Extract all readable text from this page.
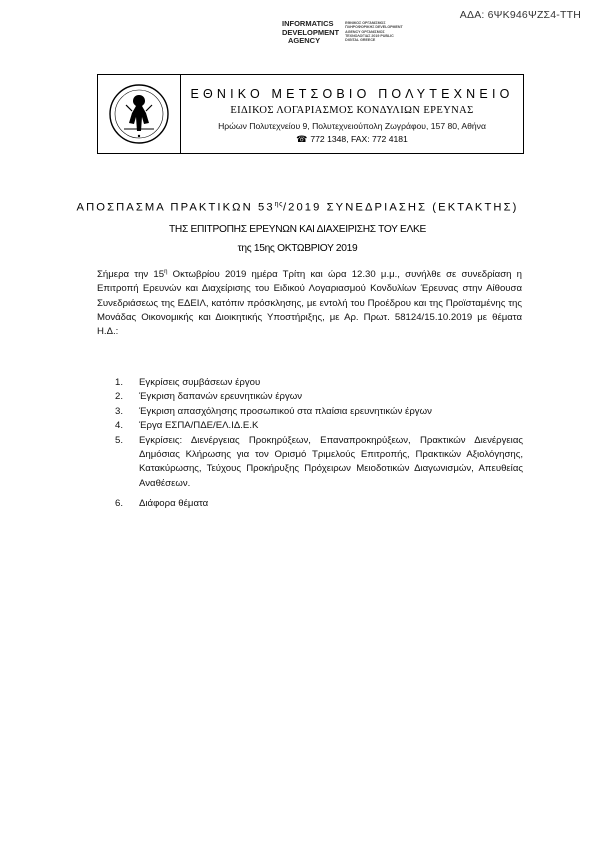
ΑΔΑ: 6ΨΚ946ΨΖΣ4-ΤΤΗ
INFORMATICS
DEVELOPMENT
AGENCY
ΕΘΝΙΚΟΣ ΟΡΓΑΝΙΣΜΟΣ ΠΛΗΡΟΦΟΡΙΚΗΣ DEVELOPMENT AGENCY ΟΡΓΑΝΙΣΜΟΣ ΤΕΧΝΟΛΟΓΙΑΣ 2019 PUBLIC DIGITAL GREECE
ΕΘΝΙΚΟ ΜΕΤΣΟΒΙΟ ΠΟΛΥΤΕΧΝΕΙΟ
ΕΙΔΙΚΟΣ ΛΟΓΑΡΙΑΣΜΟΣ ΚΟΝΔΥΛΙΩΝ ΕΡΕΥΝΑΣ
Ηρώων Πολυτεχνείου 9, Πολυτεχνειούπολη Ζωγράφου, 157 80, Αθήνα
☎ 772 1348, FAX: 772 4181
ΑΠΟΣΠΑΣΜΑ ΠΡΑΚΤΙΚΩΝ $53^{\eta\varsigma}/2019$ ΣΥΝΕΔΡΙΑΣΗΣ (ΕΚΤΑΚΤΗΣ)
ΤΗΣ ΕΠΙΤΡΟΠΗΣ ΕΡΕΥΝΩΝ ΚΑΙ ΔΙΑΧΕΙΡΙΣΗΣ ΤΟΥ ΕΛΚΕ
της 15ης ΟΚΤΩΒΡΙΟΥ 2019
Σήμερα την $15^\eta$ Οκτωβρίου 2019 ημέρα Τρίτη και ώρα 12.30 μ.μ., συνήλθε σε συνεδρίαση η Επιτροπή Ερευνών και Διαχείρισης του Ειδικού Λογαριασμού Κονδυλίων Έρευνας στην Αίθουσα Συνεδριάσεως της ΕΔΕΙΛ, κατόπιν πρόσκλησης, με εντολή του Προέδρου και της Προϊσταμένης της Μονάδας Οικονομικής και Διοικητικής Υποστήριξης, με Αρ. Πρωτ. 58124/15.10.2019 με θέματα Η.Δ.:
1.	Εγκρίσεις συμβάσεων έργου
2.	Έγκριση δαπανών ερευνητικών έργων
3.	Έγκριση απασχόλησης προσωπικού στα πλαίσια ερευνητικών έργων
4.	Έργα ΕΣΠΑ/ΠΔΕ/ΕΛ.ΙΔ.Ε.Κ
5.	Εγκρίσεις: Διενέργειας Προκηρύξεων, Επαναπροκηρύξεων, Πρακτικών Διενέργειας Δημόσιας Κλήρωσης για τον Ορισμό Τριμελούς Επιτροπής, Πρακτικών Αξιολόγησης, Κατακύρωσης, Τεύχους Προκήρυξης Πρόχειρων Μειοδοτικών Διαγωνισμών, Απευθείας Αναθέσεων.
6.	Διάφορα θέματα
